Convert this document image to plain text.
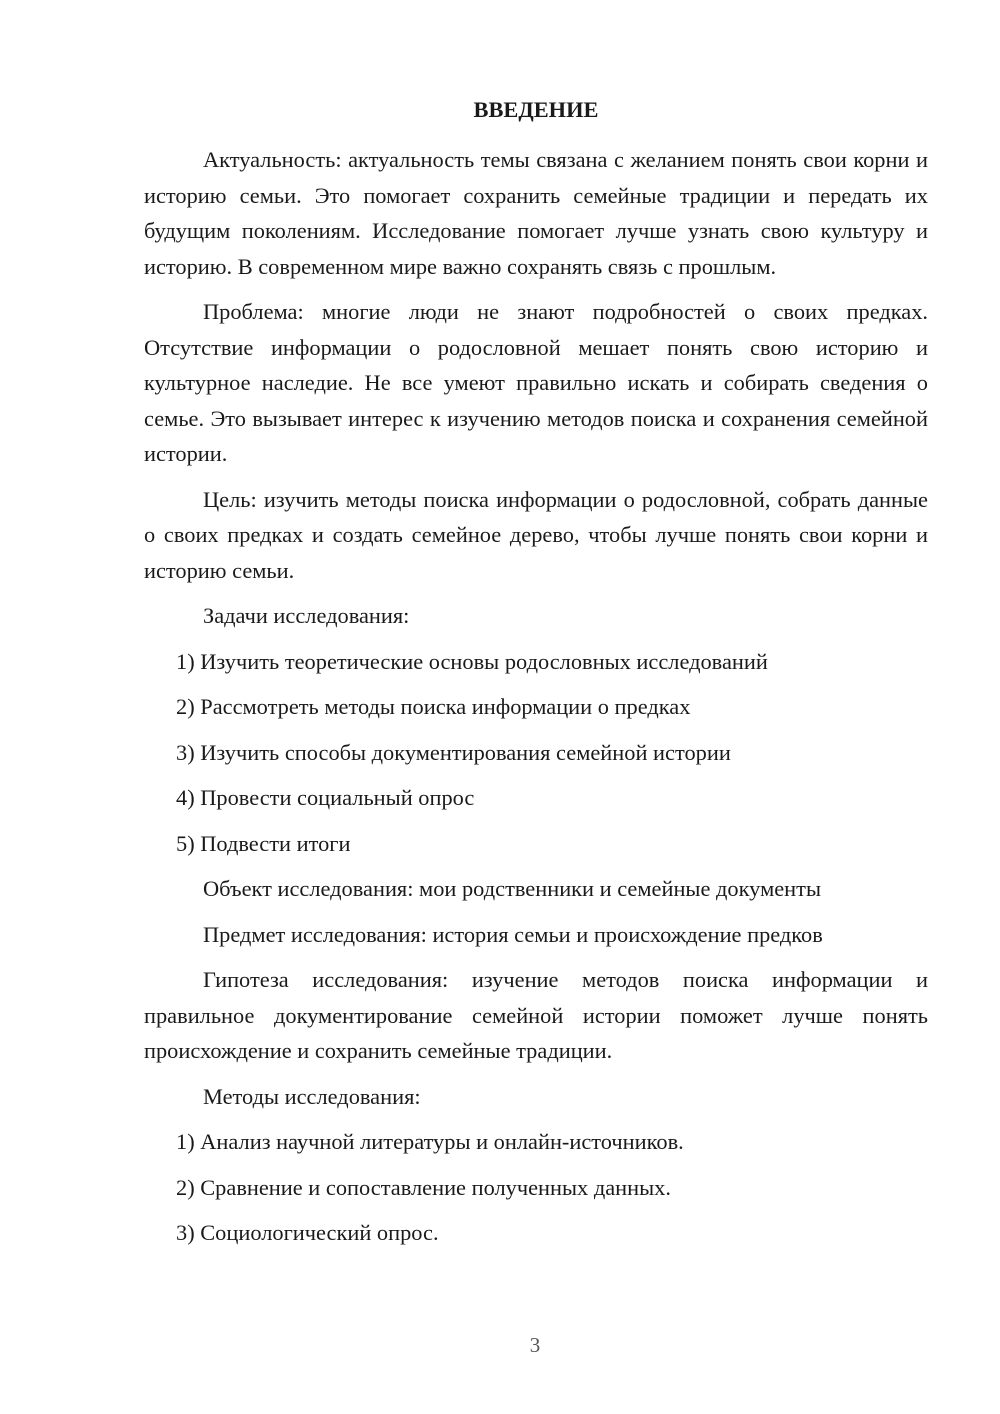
ВВЕДЕНИЕ

Актуальность: актуальность темы связана с желанием понять свои корни и историю семьи. Это помогает сохранить семейные традиции и передать их будущим поколениям. Исследование помогает лучше узнать свою культуру и историю. В современном мире важно сохранять связь с прошлым.

Проблема: многие люди не знают подробностей о своих предках. Отсутствие информации о родословной мешает понять свою историю и культурное наследие. Не все умеют правильно искать и собирать сведения о семье. Это вызывает интерес к изучению методов поиска и сохранения семейной истории.

Цель: изучить методы поиска информации о родословной, собрать данные о своих предках и создать семейное дерево, чтобы лучше понять свои корни и историю семьи.

Задачи исследования:

1) Изучить теоретические основы родословных исследований
2) Рассмотреть методы поиска информации о предках
3) Изучить способы документирования семейной истории
4) Провести социальный опрос
5) Подвести итоги

Объект исследования: мои родственники и семейные документы

Предмет исследования: история семьи и происхождение предков

Гипотеза исследования: изучение методов поиска информации и правильное документирование семейной истории поможет лучше понять происхождение и сохранить семейные традиции.

Методы исследования:

1) Анализ научной литературы и онлайн-источников.
2) Сравнение и сопоставление полученных данных.
3) Социологический опрос.
3
